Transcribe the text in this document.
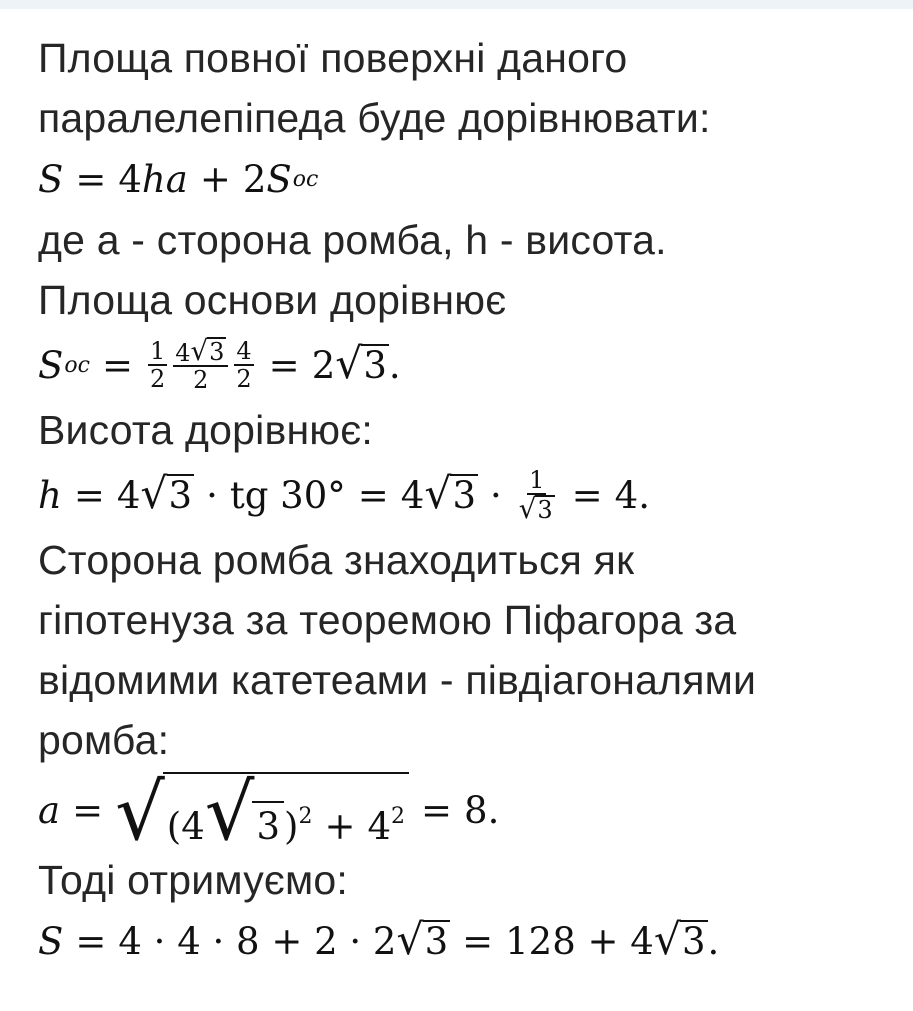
Площа повної поверхні даного
паралелепіпеда буде дорівнювати:
S = 4 h a + 2 S ос
де a - сторона ромба, h - висота.
Площа основи дорівнює
S ос = $\frac{1}{2} \frac{4 √ 3}{2} \frac{4}{2} = 2$ √ 3 .
Висота дорівнює:
h = 4 √ 3 · tg
30° = 4 √ $3 \cdot \frac{1}{√ 3} = 4$.
Сторона ромба знаходиться як
гіпотенуза за теоремою Піфагора за
відомими катетеами - півдіагоналями
ромба:
a = √ (4 √ 3 )$^2 + 4^2 = 8$.
Тоді отримуємо:
S = 4 · 4 · 8 + 2 · 2 √ 3 = 128 + 4 √ 3 .
